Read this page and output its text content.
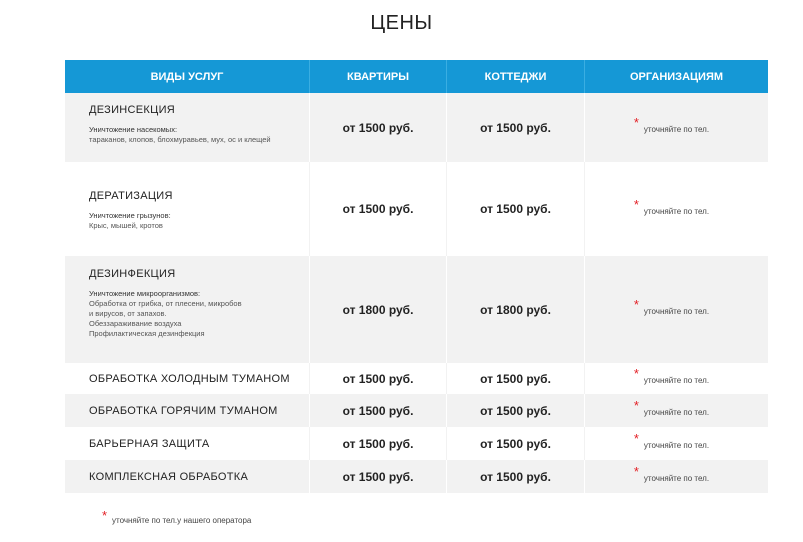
ЦЕНЫ
ВИДЫ УСЛУГ	КВАРТИРЫ	КОТТЕДЖИ	ОРГАНИЗАЦИЯМ
ДЕЗИНСЕКЦИЯ
Уничтожение насекомых:
тараканов, клопов, блохмуравьев, мух, ос и клещей
от 1500 руб.	от 1500 руб.	* уточняйте по тел.
ДЕРАТИЗАЦИЯ
Уничтожение грызунов:
Крыс, мышей, кротов
от 1500 руб.	от 1500 руб.	* уточняйте по тел.
ДЕЗИНФЕКЦИЯ
Уничтожение микроорганизмов:
Обработка от грибка, от плесени, микробов
и вирусов, от запахов.
Обеззараживание воздуха
Профилактическая дезинфекция
от 1800 руб.	от 1800 руб.	* уточняйте по тел.
ОБРАБОТКА ХОЛОДНЫМ ТУМАНОМ	от 1500 руб.	от 1500 руб.	* уточняйте по тел.
ОБРАБОТКА ГОРЯЧИМ ТУМАНОМ	от 1500 руб.	от 1500 руб.	* уточняйте по тел.
БАРЬЕРНАЯ ЗАЩИТА	от 1500 руб.	от 1500 руб.	* уточняйте по тел.
КОМПЛЕКСНАЯ ОБРАБОТКА	от 1500 руб.	от 1500 руб.	* уточняйте по тел.
* уточняйте по тел.у нашего оператора
